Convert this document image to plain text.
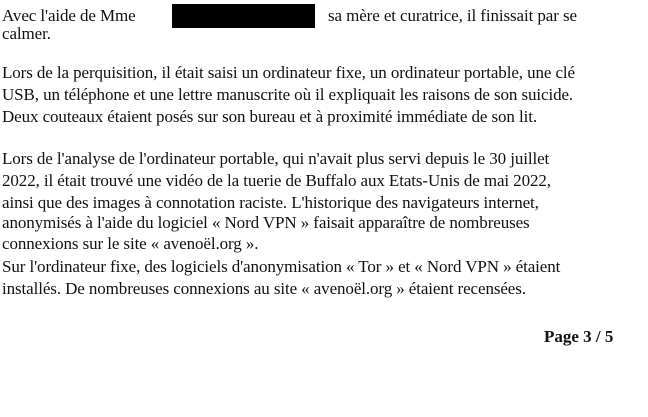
Avec l'aide de Mme	sa mère et curatrice, il finissait par se
calmer.
Lors de la perquisition, il était saisi un ordinateur fixe, un ordinateur portable, une clé
USB, un téléphone et une lettre manuscrite où il expliquait les raisons de son suicide.
Deux couteaux étaient posés sur son bureau et à proximité immédiate de son lit.
Lors de l'analyse de l'ordinateur portable, qui n'avait plus servi depuis le 30 juillet
2022, il était trouvé une vidéo de la tuerie de Buffalo aux Etats-Unis de mai 2022,
ainsi que des images à connotation raciste. L'historique des navigateurs internet,
anonymisés à l'aide du logiciel « Nord VPN » faisait apparaître de nombreuses
connexions sur le site « avenoël.org ».
Sur l'ordinateur fixe, des logiciels d'anonymisation « Tor » et « Nord VPN » étaient
installés. De nombreuses connexions au site « avenoël.org » étaient recensées.
Page 3 / 5
